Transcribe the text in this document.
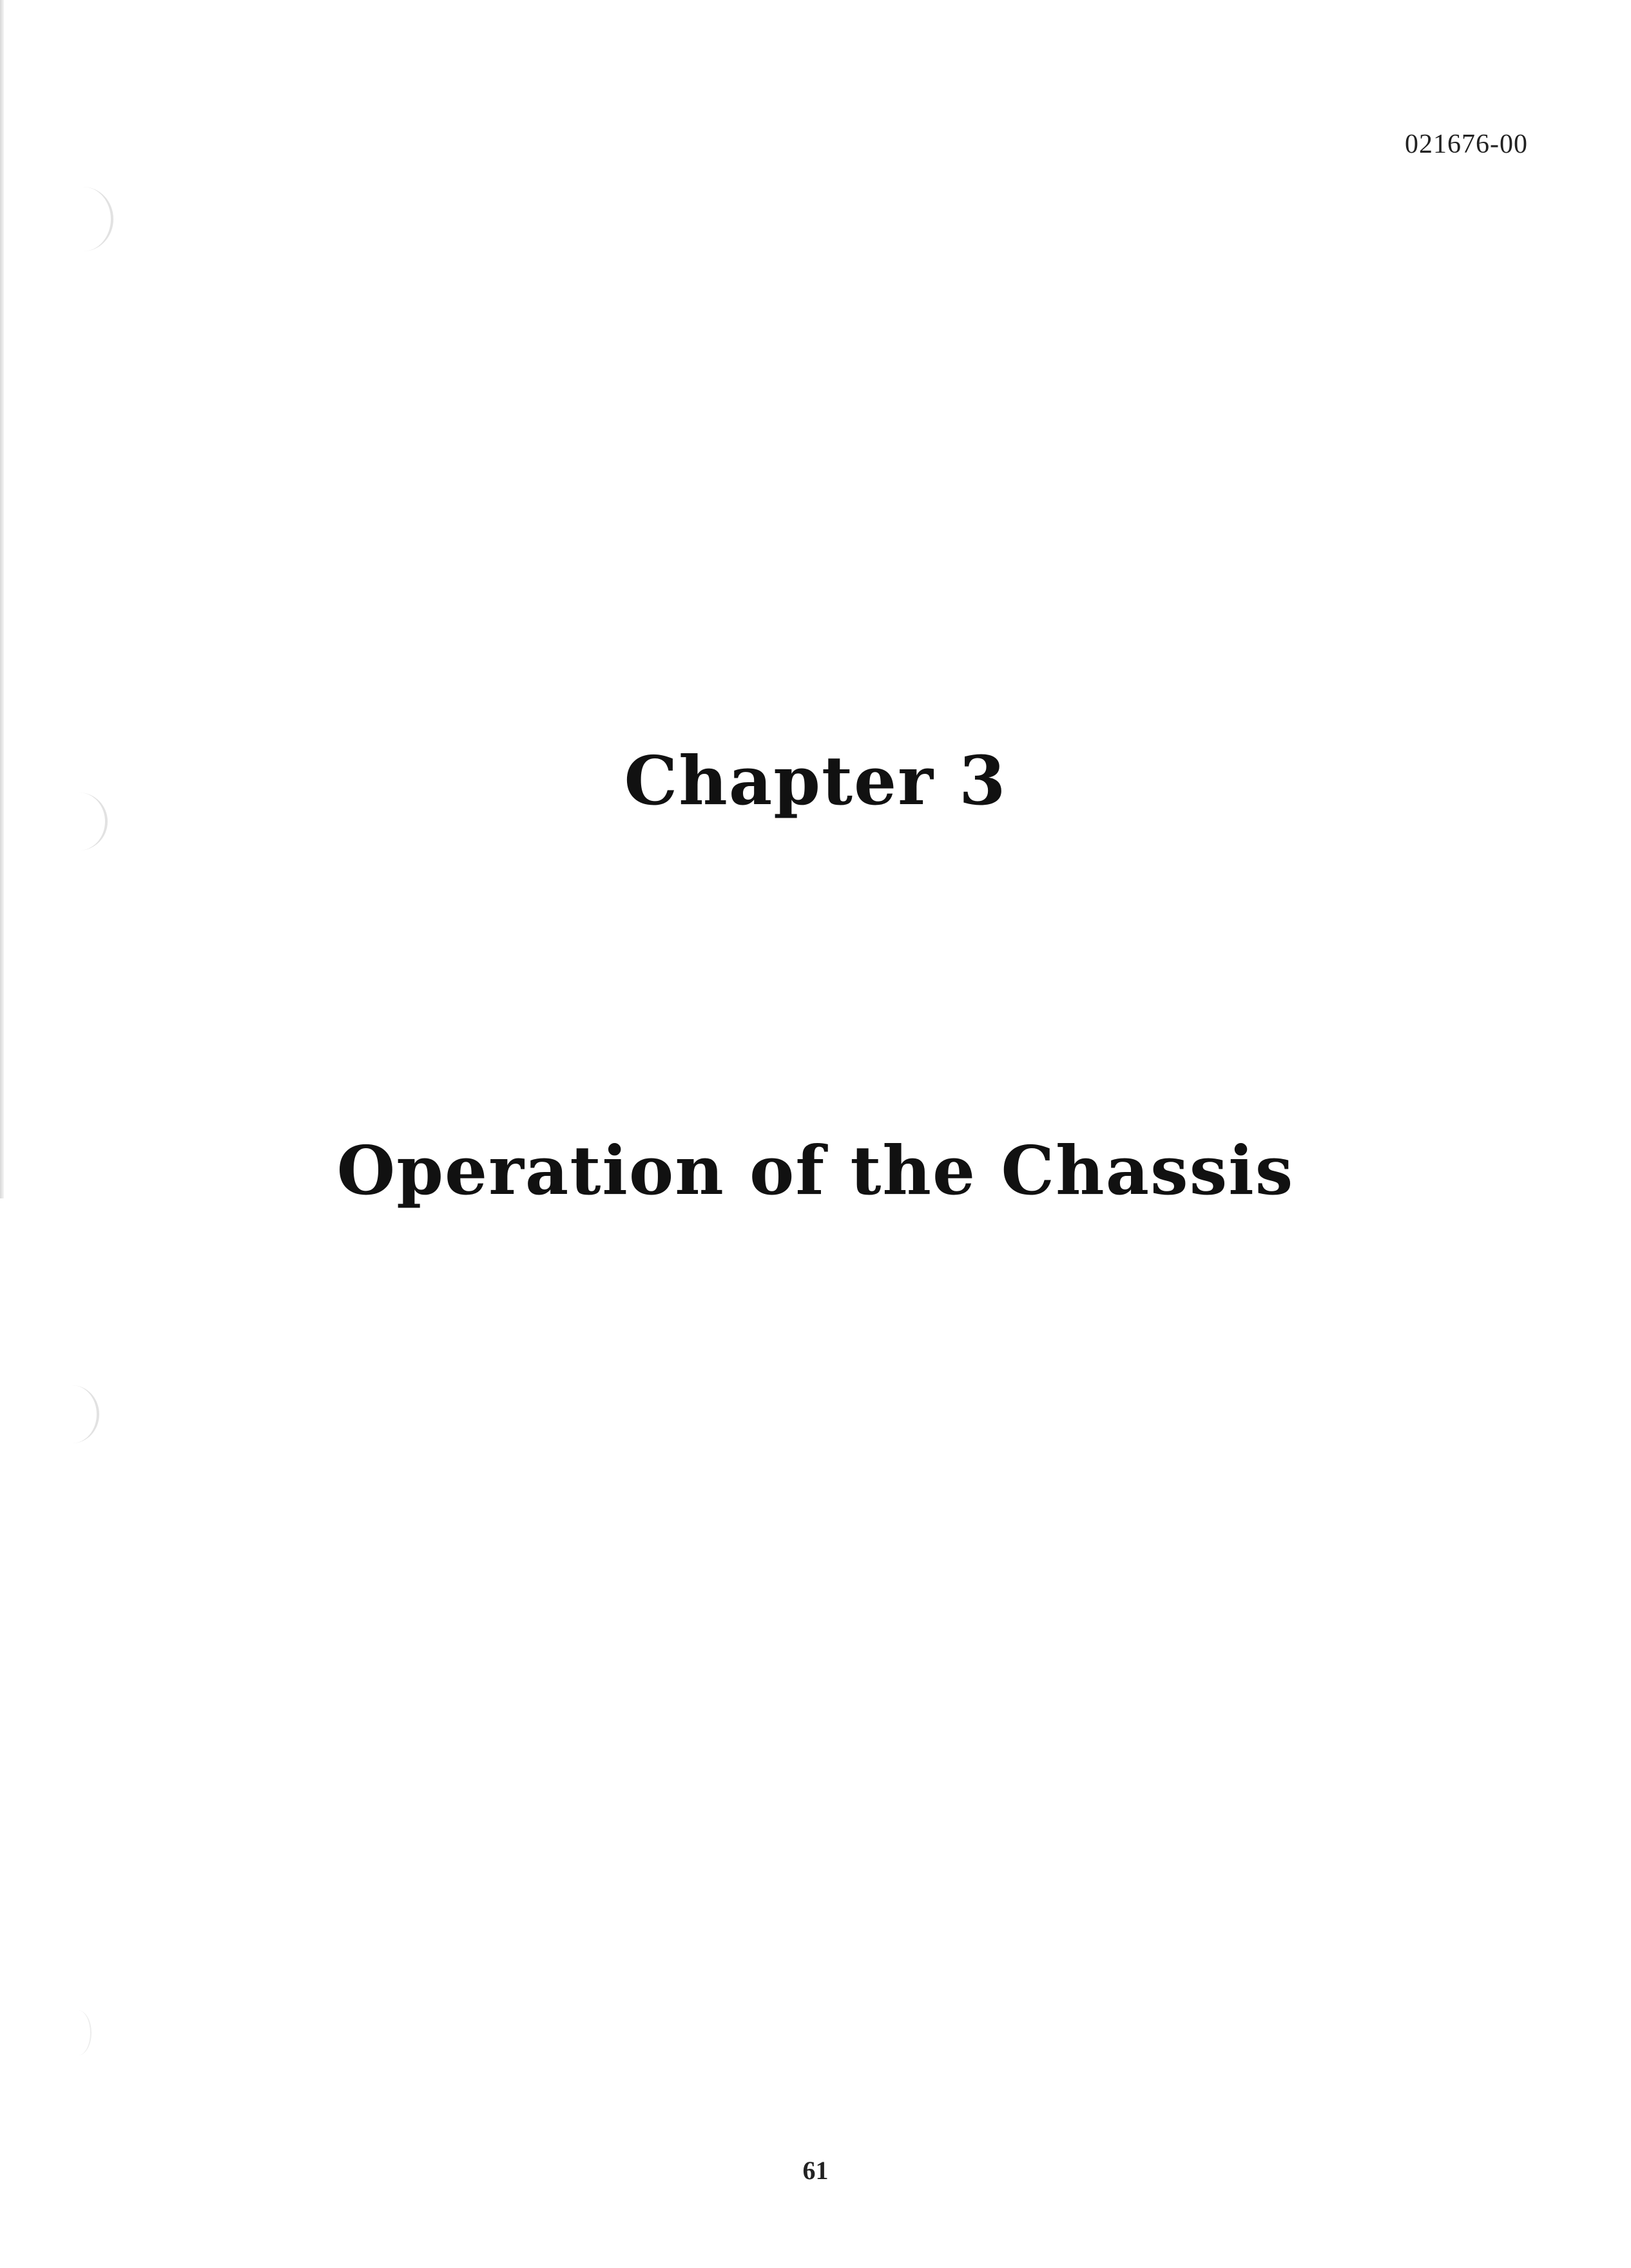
021676-00
Chapter 3
Operation of the Chassis
61
